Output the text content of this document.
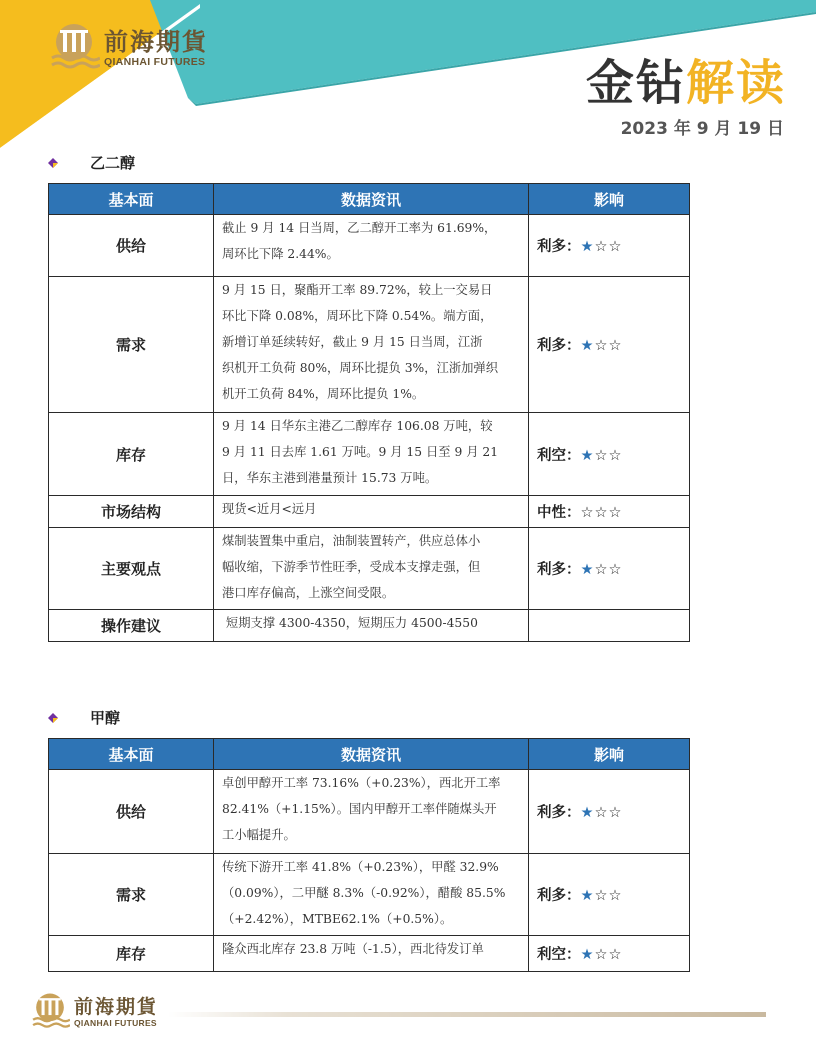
前海期貨
QIANHAI FUTURES	金钻解读
2023 年 9 月 19 日
乙二醇
基本面	数据资讯	影响
供给	截止 9 月 14 日当周，乙二醇开工率为 61.69%，
周环比下降 2.44%。	利多：★☆☆
需求	9 月 15 日，聚酯开工率 89.72%，较上一交易日
环比下降 0.08%，周环比下降 0.54%。端方面，
新增订单延续转好，截止 9 月 15 日当周，江浙
织机开工负荷 80%，周环比提负 3%，江浙加弹织
机开工负荷 84%，周环比提负 1%。	利多：★☆☆
库存	9 月 14 日华东主港乙二醇库存 106.08 万吨，较
9 月 11 日去库 1.61 万吨。9 月 15 日至 9 月 21
日，华东主港到港量预计 15.73 万吨。	利空：★☆☆
市场结构	现货<近月<远月	中性：☆☆☆
主要观点	煤制装置集中重启，油制装置转产，供应总体小
幅收缩，下游季节性旺季，受成本支撑走强，但
港口库存偏高，上涨空间受限。	利多：★☆☆
操作建议	短期支撑 4300-4350，短期压力 4500-4550	

甲醇
基本面	数据资讯	影响
供给	卓创甲醇开工率 73.16%（+0.23%），西北开工率
82.41%（+1.15%）。国内甲醇开工率伴随煤头开
工小幅提升。	利多：★☆☆
需求	传统下游开工率 41.8%（+0.23%），甲醛 32.9%
（0.09%），二甲醚 8.3%（-0.92%），醋酸 85.5%
（+2.42%），MTBE62.1%（+0.5%）。	利多：★☆☆
库存	隆众西北库存 23.8 万吨（-1.5），西北待发订单	利空：★☆☆
前海期貨
QIANHAI FUTURES
